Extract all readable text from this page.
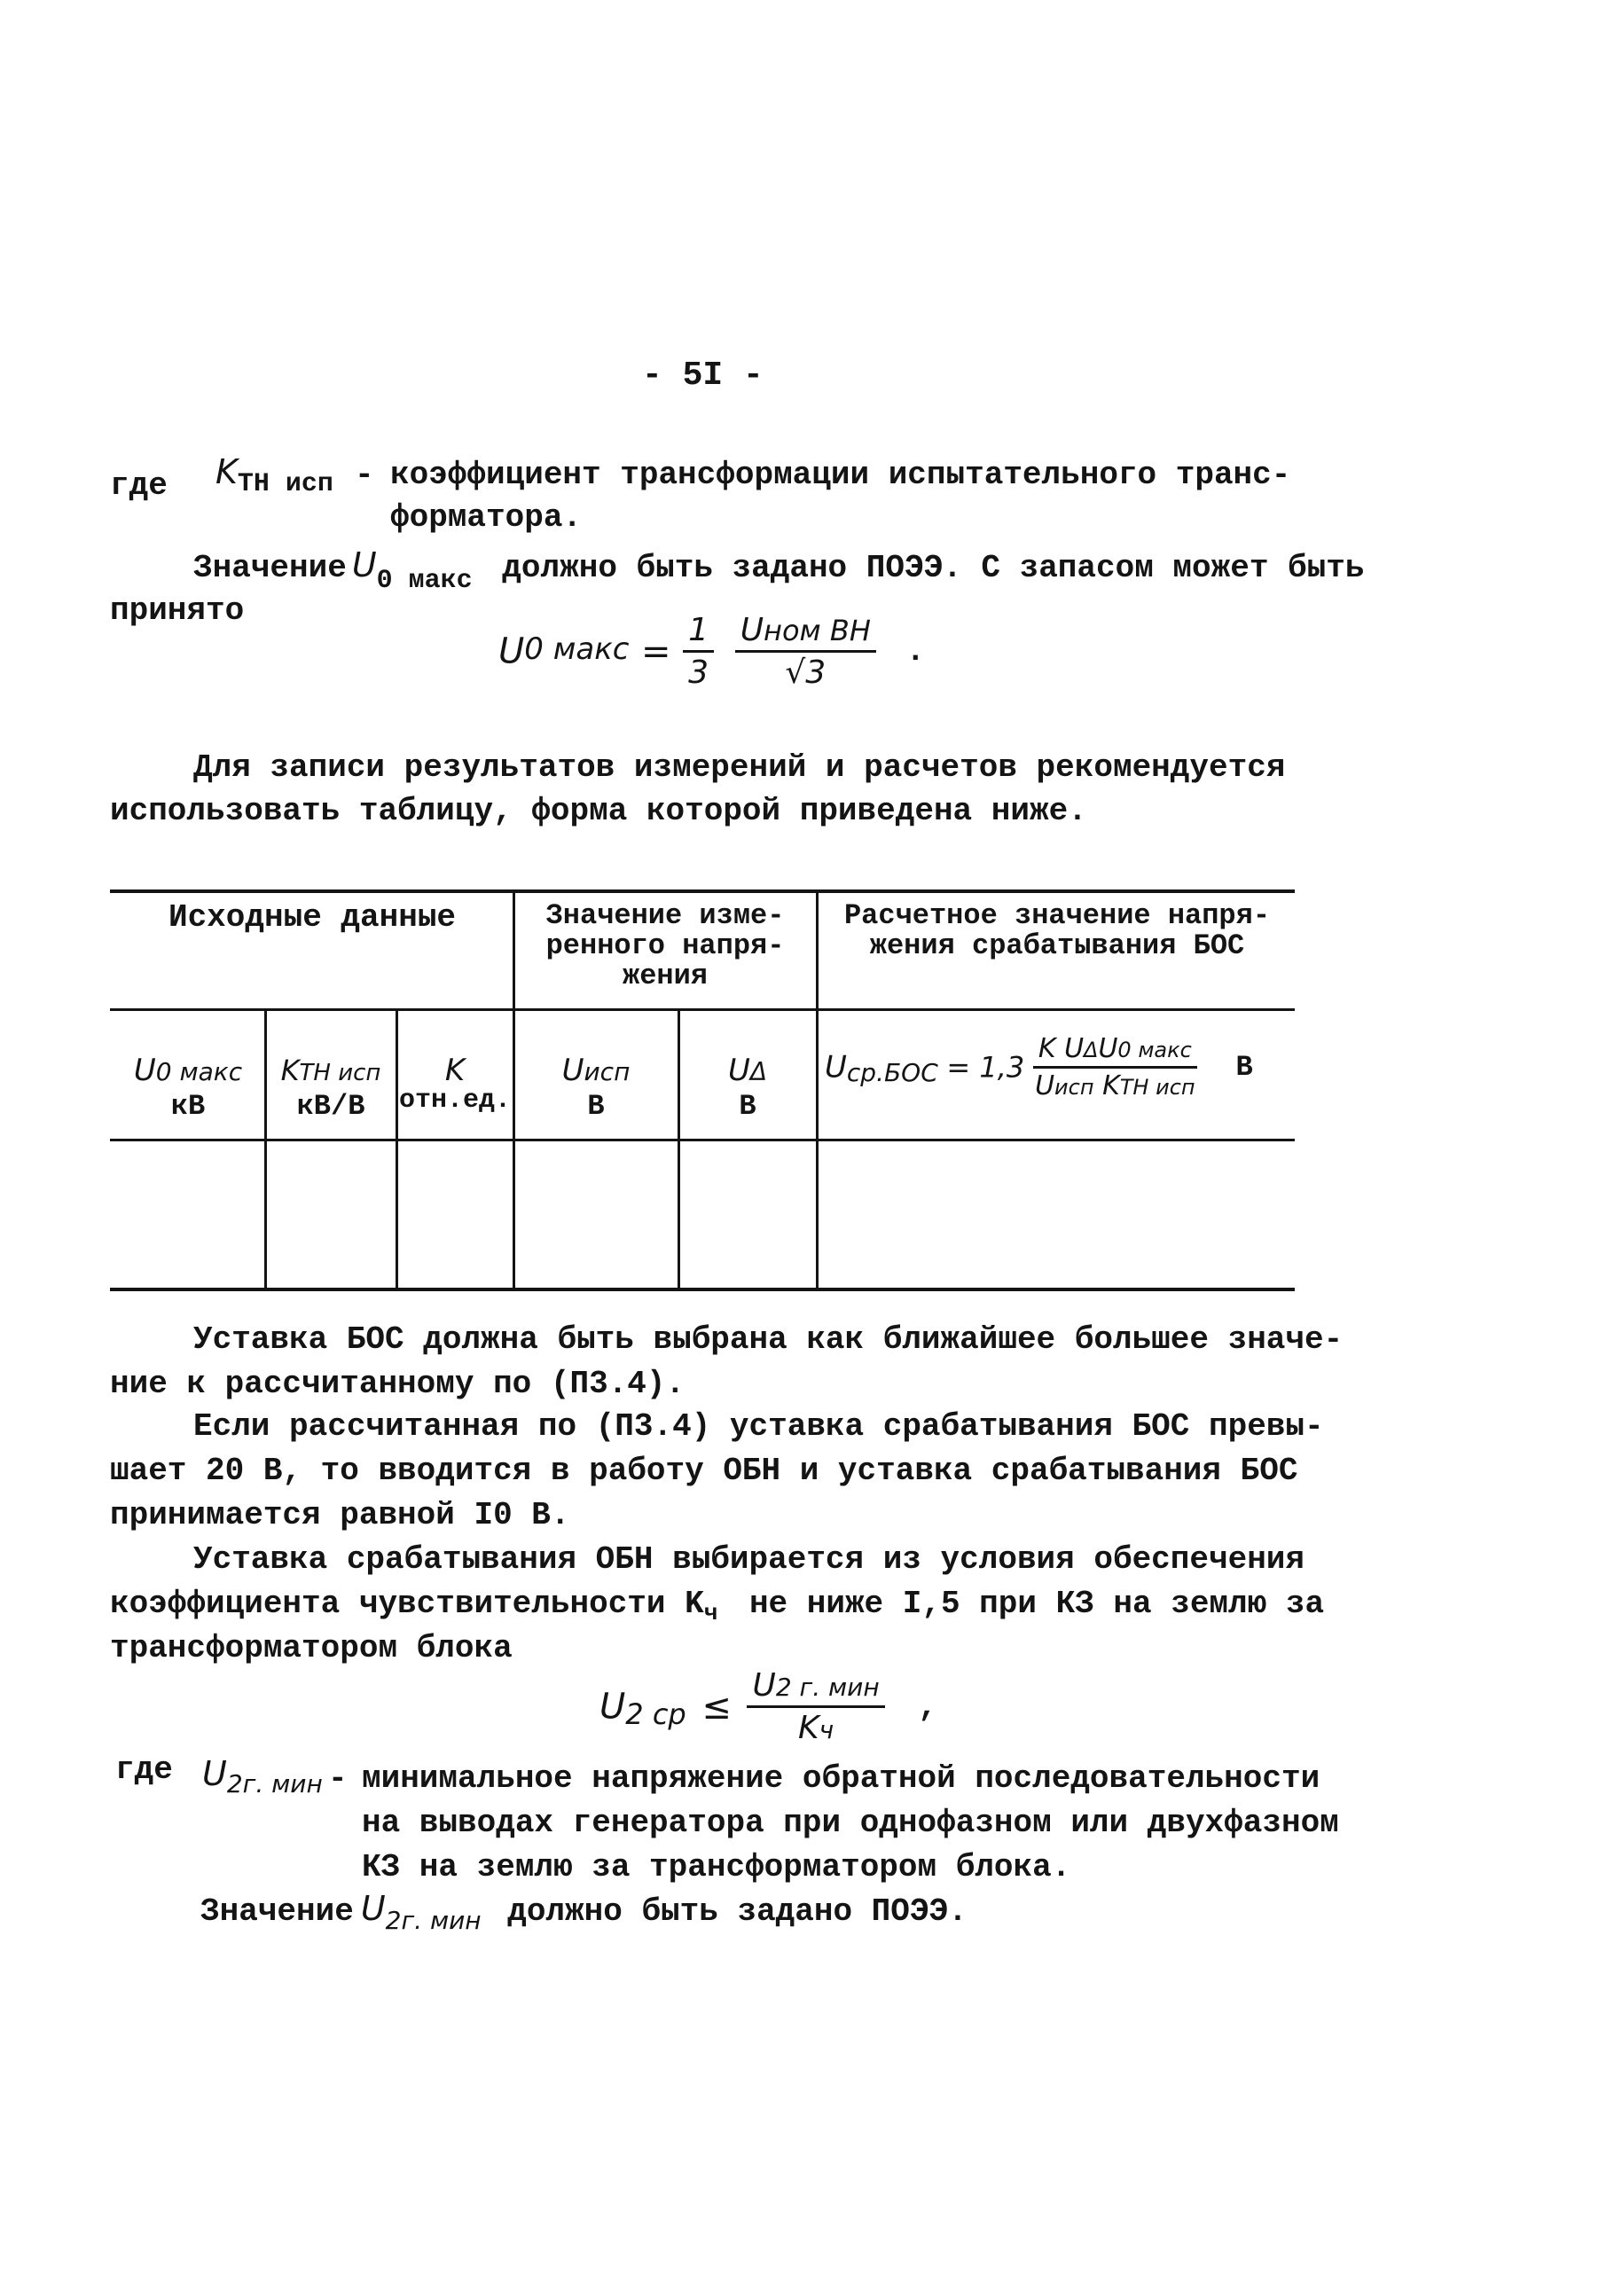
- 5I -
где KТН исп - коэффициент трансформации испытательного транс-
форматора.
Значение $U_{0 макс}$ должно быть задано ПОЭЭ. С запасом может быть
принято
U0 макс = $\frac{1}{3}$
$\frac{\text{Uном ВН}}{√3}$ .
Для записи результатов измерений и расчетов рекомендуется
использовать таблицу, форма которой приведена ниже.
Исходные данные	Значение изме-
ренного напря-
жения
Расчетное значение напря-
жения срабатывания БОС
U0 макс
кВ
KТН исп
кВ/В
K
отн.ед.
Uисп
В
UΔ
В
$Uср.БОС = 1,3 \frac{\text{K UΔU0 макс}}{\text{Uисп KТН исп}}$ В
Уставка БОС должна быть выбрана как ближайшее большее значе-
ние к рассчитанному по (П3.4).
Если рассчитанная по (П3.4) уставка срабатывания БОС превы-
шает 20 В, то вводится в работу ОБН и уставка срабатывания БОС
принимается равной I0 В.
Уставка срабатывания ОБН выбирается из условия обеспечения
коэффициента чувствительности $K_ч$ не ниже I,5 при КЗ на землю за
трансформатором блока
U2 ср ≤ $\frac{\text{U2 г. мин}}{Kч}$ ,
где U2г. мин - минимальное напряжение обратной последовательности
на выводах генератора при однофазном или двухфазном
КЗ на землю за трансформатором блока.
Значение $U_{2г. мин}$ должно быть задано ПОЭЭ.
